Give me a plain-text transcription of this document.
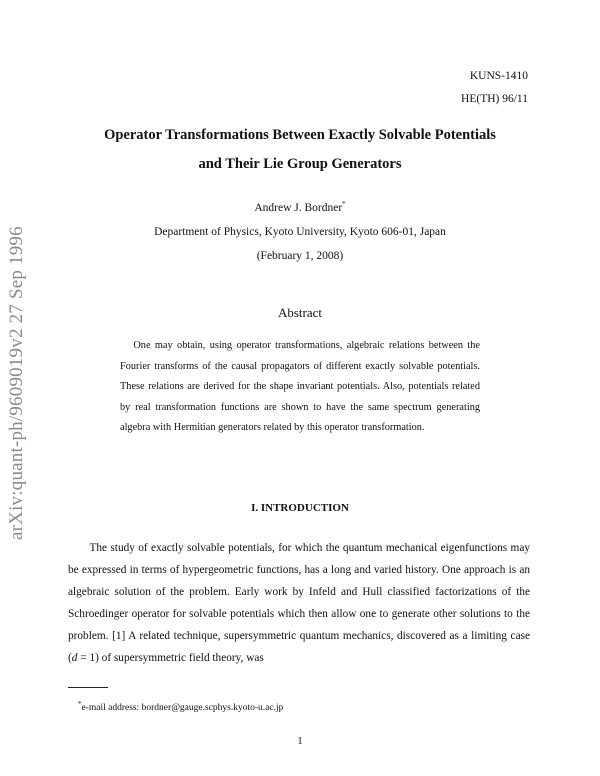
arXiv:quant-ph/9609019v2 27 Sep 1996
KUNS-1410
HE(TH) 96/11
Operator Transformations Between Exactly Solvable Potentials
and Their Lie Group Generators
Andrew J. Bordner*
Department of Physics, Kyoto University, Kyoto 606-01, Japan
(February 1, 2008)
Abstract
One may obtain, using operator transformations, algebraic relations between the Fourier transforms of the causal propagators of different exactly solvable potentials. These relations are derived for the shape invariant potentials. Also, potentials related by real transformation functions are shown to have the same spectrum generating algebra with Hermitian generators related by this operator transformation.
I. INTRODUCTION
The study of exactly solvable potentials, for which the quantum mechanical eigenfunctions may be expressed in terms of hypergeometric functions, has a long and varied history. One approach is an algebraic solution of the problem. Early work by Infeld and Hull classified factorizations of the Schroedinger operator for solvable potentials which then allow one to generate other solutions to the problem. [1] A related technique, supersymmetric quantum mechanics, discovered as a limiting case (d = 1) of supersymmetric field theory, was
*e-mail address: bordner@gauge.scphys.kyoto-u.ac.jp
1
